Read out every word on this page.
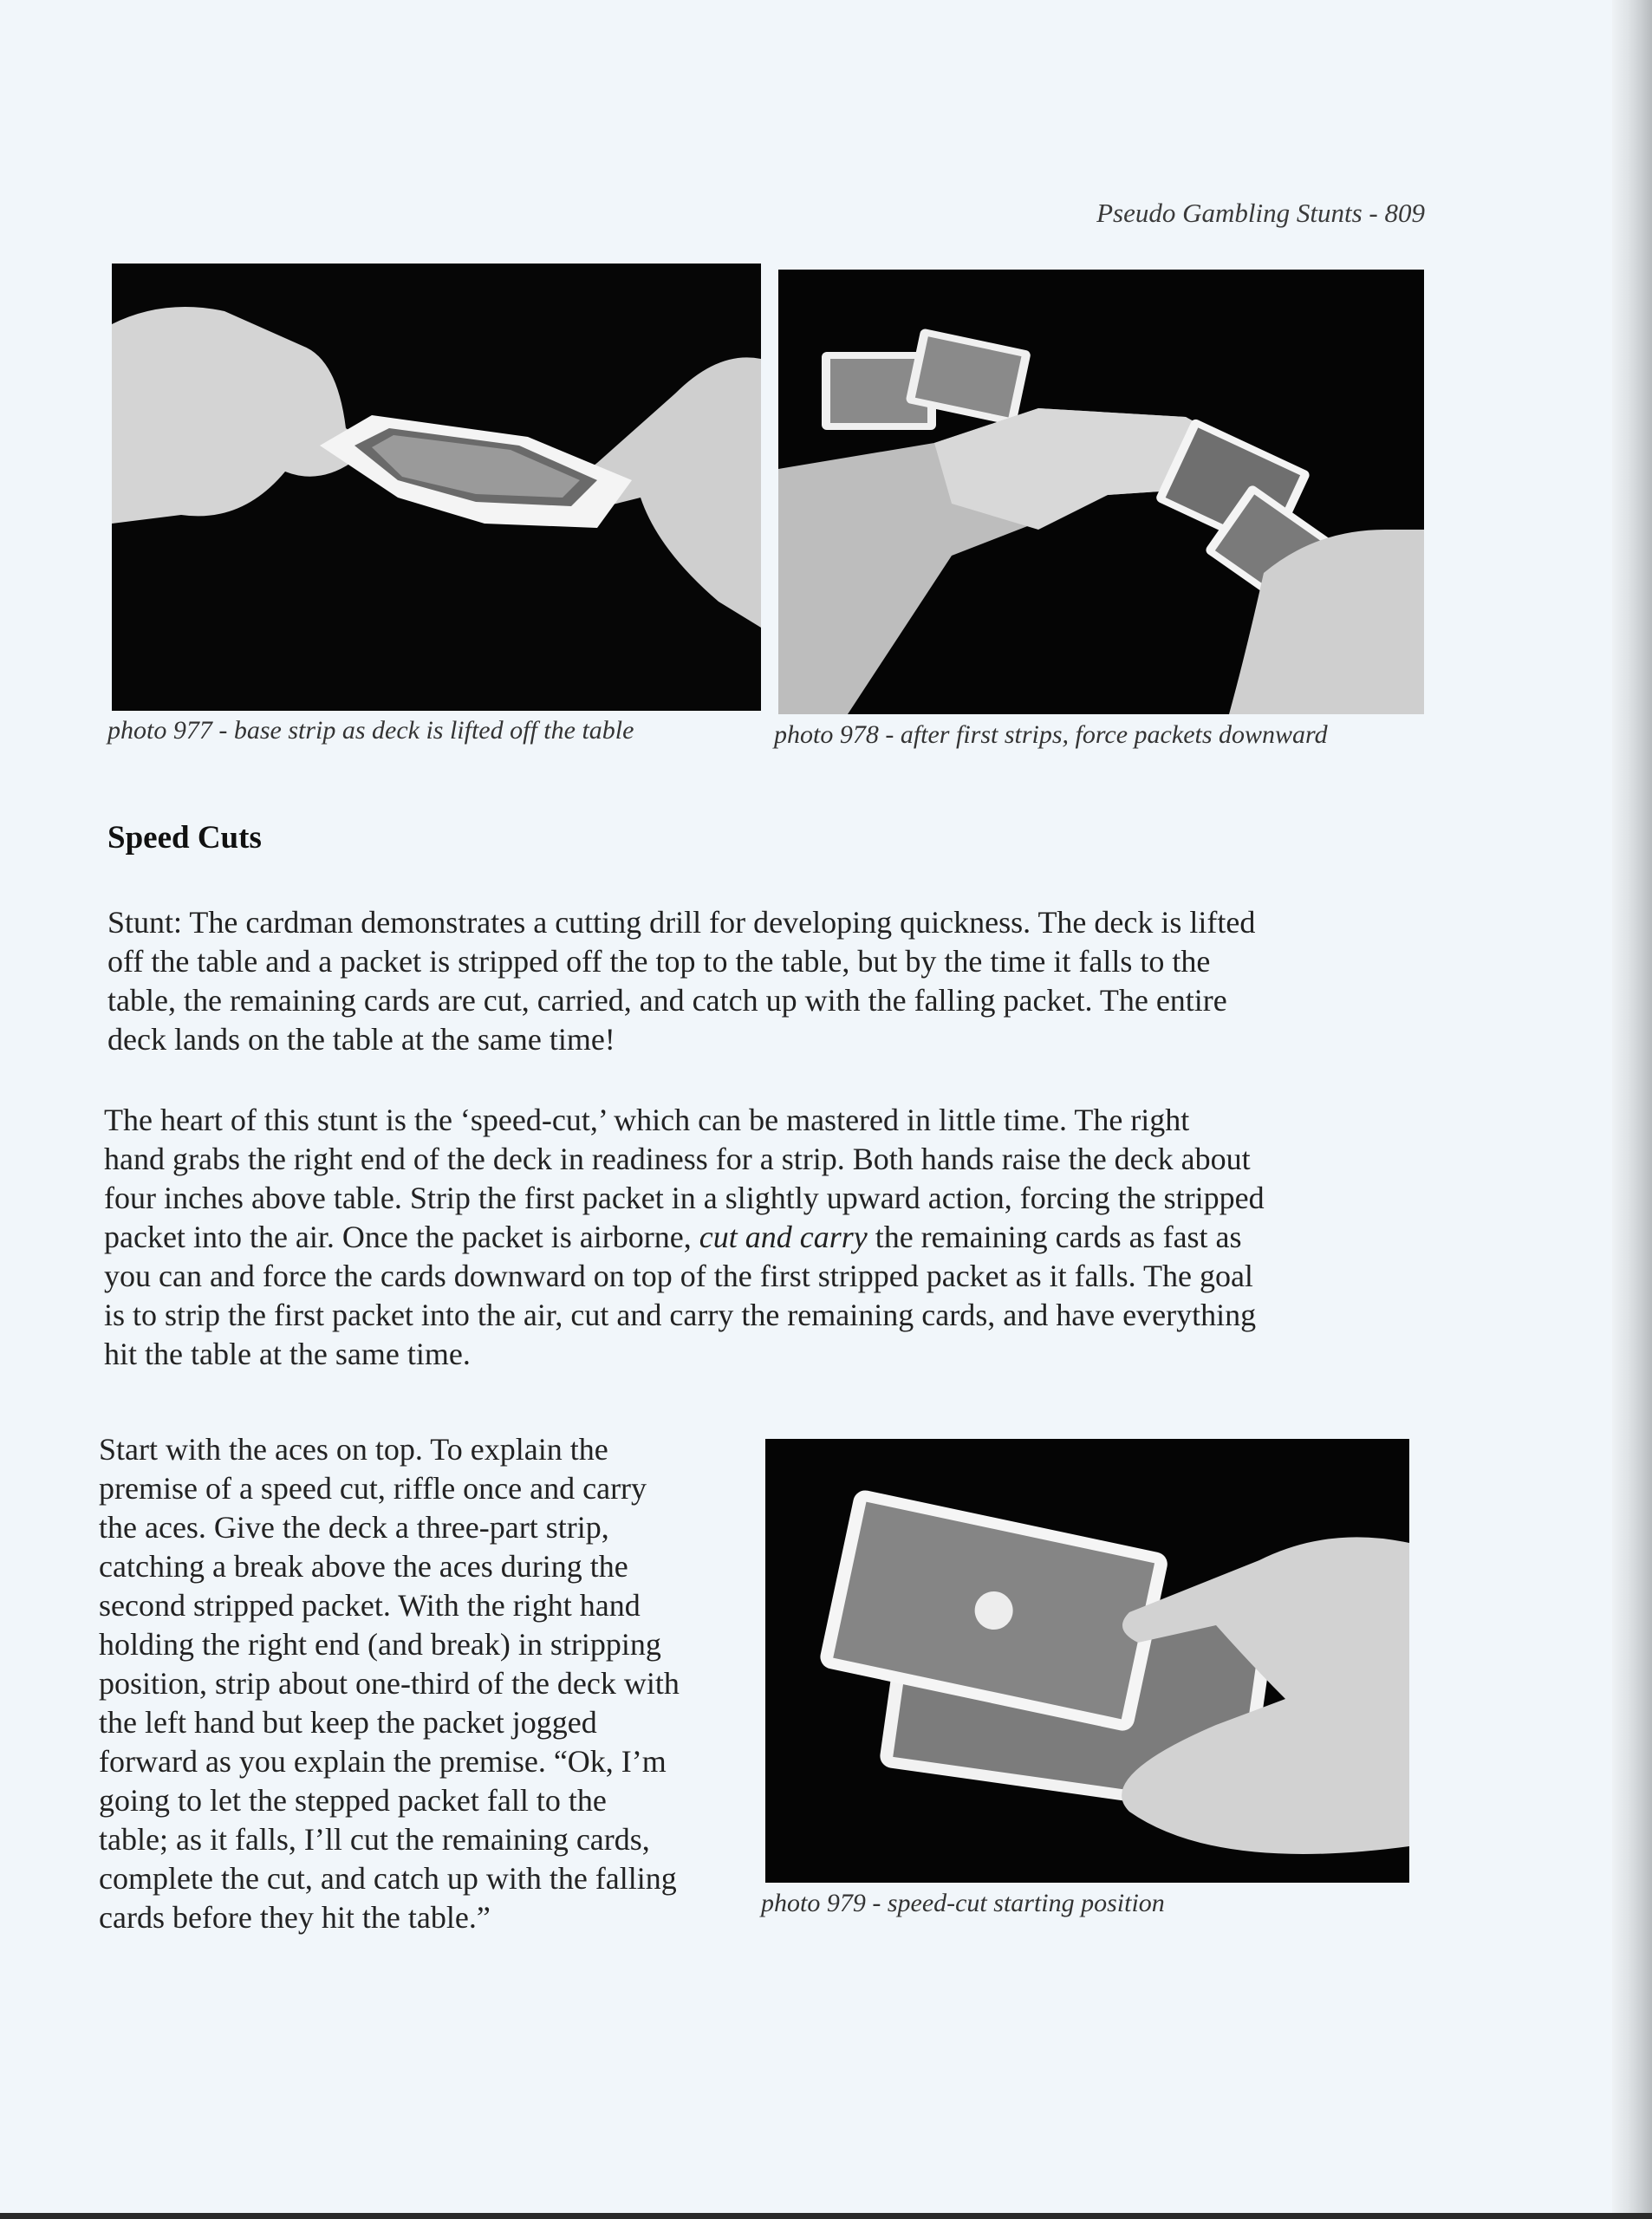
Pseudo Gambling Stunts - 809
photo 977 - base strip as deck is lifted off the table	photo 978 - after first strips, force packets downward
Speed Cuts
Stunt: The cardman demonstrates a cutting drill for developing quickness. The deck is lifted
off the table and a packet is stripped off the top to the table, but by the time it falls to the
table, the remaining cards are cut, carried, and catch up with the falling packet. The entire
deck lands on the table at the same time!
The heart of this stunt is the ‘speed-cut,’ which can be mastered in little time. The right
hand grabs the right end of the deck in readiness for a strip. Both hands raise the deck about
four inches above table. Strip the first packet in a slightly upward action, forcing the stripped
packet into the air. Once the packet is airborne, cut and carry the remaining cards as fast as
you can and force the cards downward on top of the first stripped packet as it falls. The goal
is to strip the first packet into the air, cut and carry the remaining cards, and have everything
hit the table at the same time.
Start with the aces on top. To explain the
premise of a speed cut, riffle once and carry
the aces. Give the deck a three-part strip,
catching a break above the aces during the
second stripped packet. With the right hand
holding the right end (and break) in stripping
position, strip about one-third of the deck with
the left hand but keep the packet jogged
forward as you explain the premise. “Ok, I’m
going to let the stepped packet fall to the
table; as it falls, I’ll cut the remaining cards,
complete the cut, and catch up with the falling
cards before they hit the table.”	photo 979 - speed-cut starting position
